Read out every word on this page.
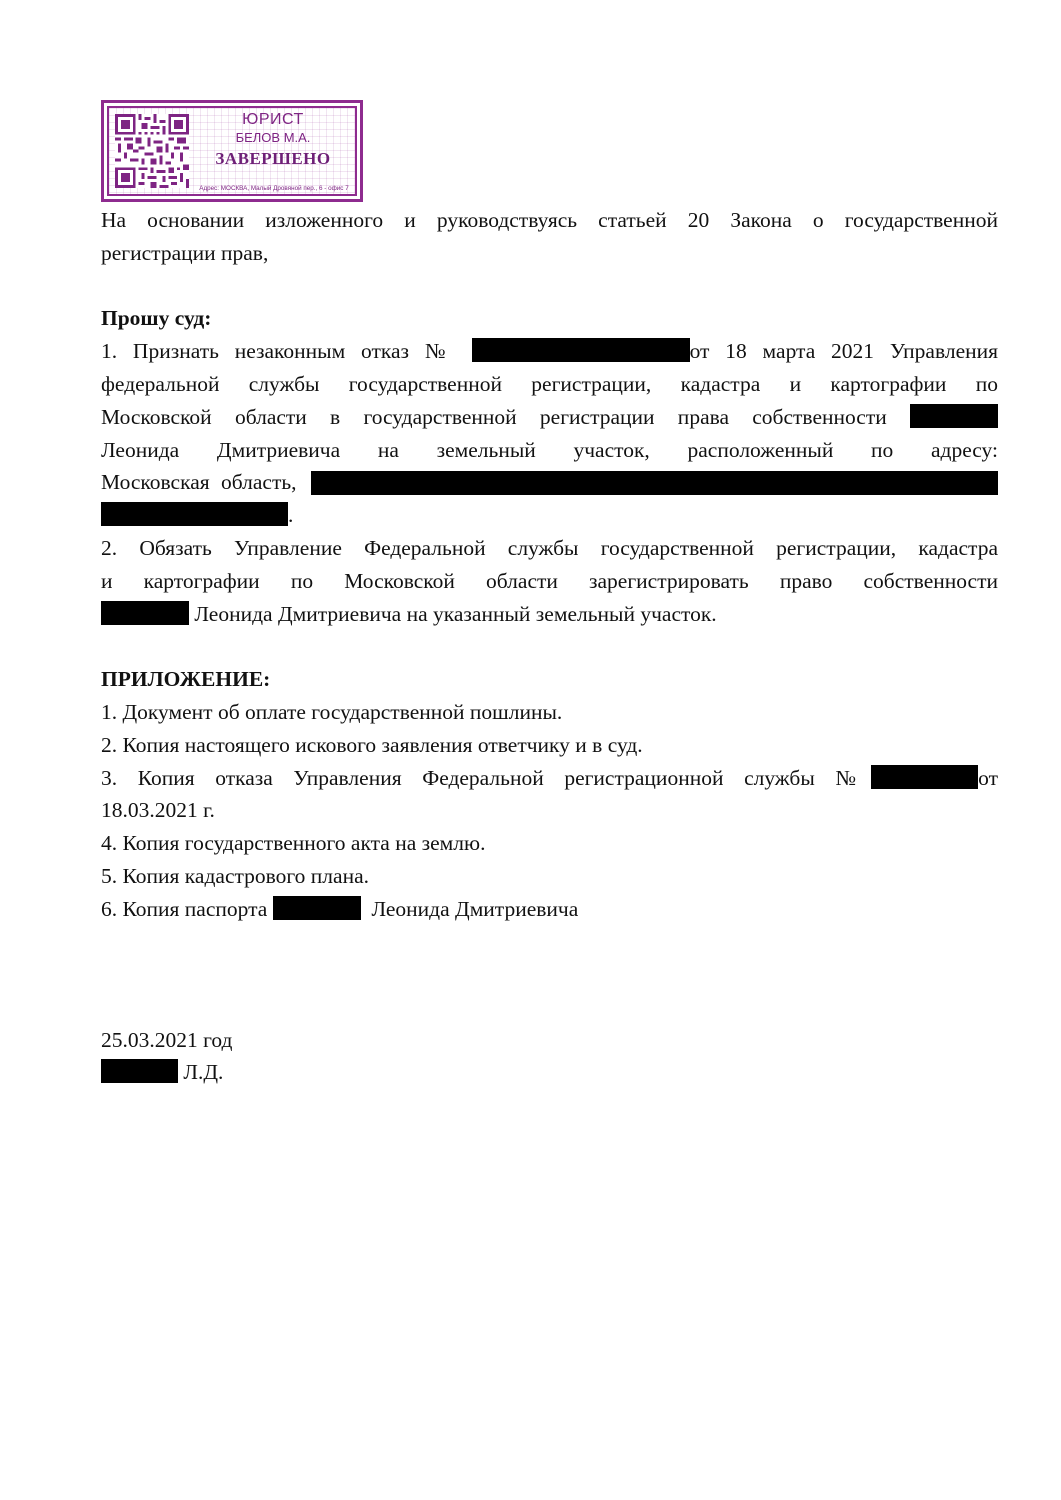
ЮРИСТ
БЕЛОВ М.А.
ЗАВЕРШЕНО
Адрес: МОСКВА, Малый Дровяной пер., 6 - офис 7

На основании изложенного и руководствуясь статьей 20 Закона о государственной

регистрации прав,

Прошу суд:

1. Признать незаконным отказ №	от 18 марта 2021 Управления

федеральной службы государственной регистрации, кадастра и картографии по

Московской области в государственной регистрации права собственности

Леонида Дмитриевича на земельный участок, расположенный по адресу:

Московская область,

.

2. Обязать Управление Федеральной службы государственной регистрации, кадастра

и картографии по Московской области зарегистрировать право собственности

Леонида Дмитриевича на указанный земельный участок.

ПРИЛОЖЕНИЕ:

1. Документ об оплате государственной пошлины.

2. Копия настоящего искового заявления ответчику и в суд.

3. Копия отказа Управления Федеральной регистрационной службы №	от

18.03.2021 г.

4. Копия государственного акта на землю.

5. Копия кадастрового плана.

6. Копия паспорта	Леонида Дмитриевича

25.03.2021 год

Л.Д.
